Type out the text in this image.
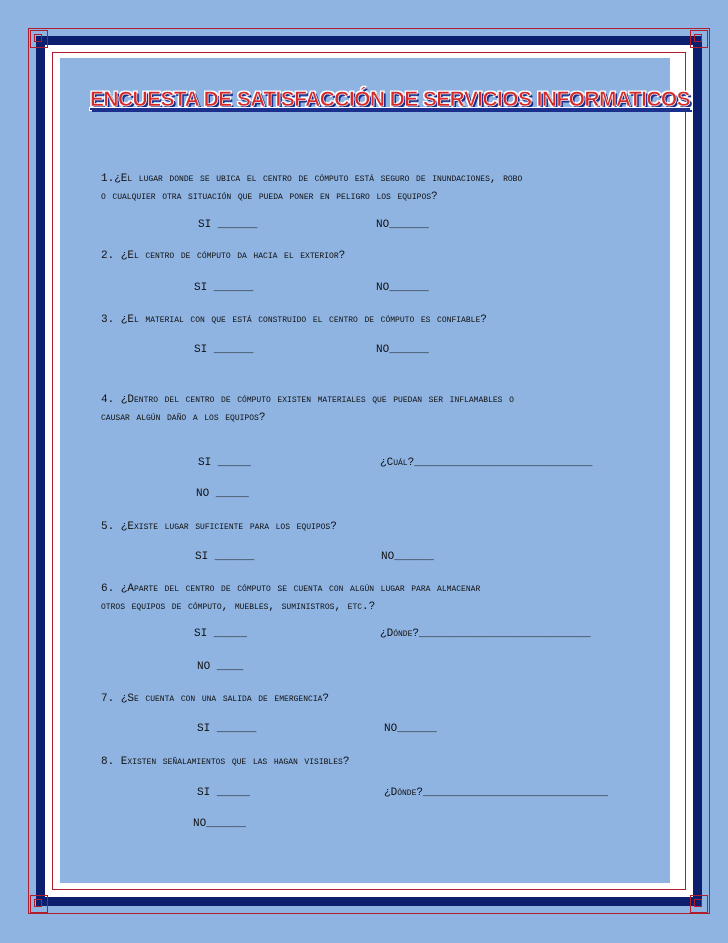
ENCUESTA DE SATISFACCIÓN DE SERVICIOS INFORMATICOS
1.¿El lugar donde se ubica el centro de cómputo está seguro de inundaciones, robo
o cualquier otra situación que pueda poner en peligro los equipos?
SI ______	NO______
2. ¿El centro de cómputo da hacia el exterior?
SI ______	NO______
3. ¿El material con que está construido el centro de cómputo es confiable?
SI ______	NO______
4. ¿Dentro del centro de cómputo existen materiales que puedan ser inflamables o
causar algún daño a los equipos?
SI _____	¿Cuál?___________________________
NO _____
5. ¿Existe lugar suficiente para los equipos?
SI ______	NO______
6. ¿Aparte del centro de cómputo se cuenta con algún lugar para almacenar
otros equipos de cómputo, muebles, suministros, etc.?
SI _____	¿Dónde?__________________________
NO ____
7. ¿Se cuenta con una salida de emergencia?
SI ______	NO______
8. Existen señalamientos que las hagan visibles?
SI _____	¿Dónde?____________________________
NO______
